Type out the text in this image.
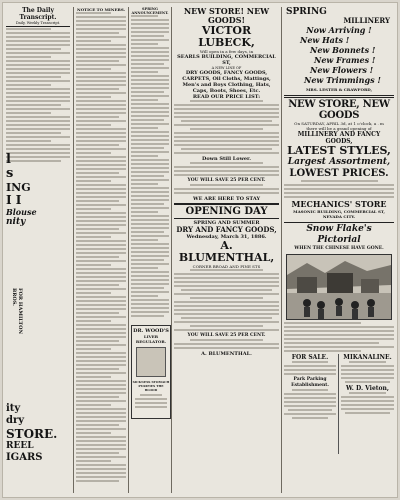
The Daily Transcript.
Daily, Weekly Transcript.
NOTICE TO MINERS.	SPRING ANNOUNCEMENT.
DR. WOOD'S
LIVER REGULATOR.
SICKNESS STOMACH
PURIFIES THE BLOOD
NEW STORE! NEW GOODS!
VICTOR LUBECK,
Will open in a few days, in
SEARLS BUILDING, COMMERCIAL ST,
A NEW LINE OF
DRY GOODS, FANCY GOODS, CARPETS, Oil Cloths, Mattings, Men's and Boys Clothing, Hats, Caps, Boots, Shoes, Etc.
READ OUR PRICE LIST:
Down Still Lower.
YOU WILL SAVE 25 PER CENT.
WE ARE HERE TO STAY
OPENING DAY
SPRING AND SUMMER
DRY AND FANCY GOODS,
Wednesday, March 31, 1886.
A. BLUMENTHAL,
CORNER BROAD AND PINE STS
YOU WILL SAVE 25 PER CENT.
A. BLUMENTHAL.
SPRING
MILLINERY
Now Arriving !
New Hats !
New Bonnets !
New Frames !
New Flowers !
New Trimmings !
MRS. LESTER & CRAWFORD,
NEW STORE, NEW GOODS
On SATURDAY, APRIL 3d, at 1 o'clock, a . m
there will be a grand opening of
MILLINERY AND FANCY GOODS,
LATEST STYLES,
Largest Assortment,
LOWEST PRICES.
MECHANICS' STORE
MASONIC BUILDING, COMMERCIAL ST,
NEVADA CITY.
Snow Flake's Pictorial
WHEN THE CHINESE HAVE GONE.
FOR SALE.
Park Parking Establishment.
MIKANALINE.
W. D. Vieton,
l
s
ING
I I
Blouse
nity
FOR HAMILTON BROS.
ity
dry
STORE.
REEL
IGARS
